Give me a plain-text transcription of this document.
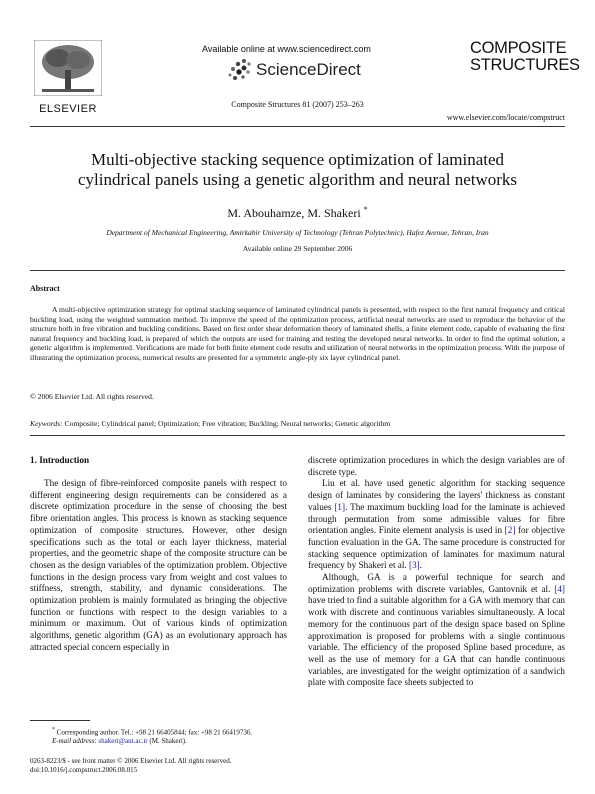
ELSEVIER
Available online at www.sciencedirect.com
ScienceDirect
Composite Structures 81 (2007) 253–263
COMPOSITE
STRUCTURES
www.elsevier.com/locate/compstruct
Multi-objective stacking sequence optimization of laminated
cylindrical panels using a genetic algorithm and neural networks
M. Abouhamze, M. Shakeri *
Department of Mechanical Engineering, Amirkabir University of Technology (Tehran Polytechnic), Hafez Avenue, Tehran, Iran
Available online 29 September 2006
Abstract
A multi-objective optimization strategy for optimal stacking sequence of laminated cylindrical panels is presented, with respect to the first natural frequency and critical buckling load, using the weighted summation method. To improve the speed of the optimization process, artificial neural networks are used to reproduce the behavior of the structure both in free vibration and buckling conditions. Based on first order shear deformation theory of laminated shells, a finite element code, capable of evaluating the first natural frequency and buckling load, is prepared of which the outputs are used for training and testing the developed neural networks. In order to find the optimal solution, a genetic algorithm is implemented. Verifications are made for both finite element code results and utilization of neural networks in the optimization process. With the purpose of illustrating the optimization process, numerical results are presented for a symmetric angle-ply six layer cylindrical panel.
© 2006 Elsevier Ltd. All rights reserved.
Keywords: Composite; Cylindrical panel; Optimization; Free vibration; Buckling; Neural networks; Genetic algorithm
1. Introduction

The design of fibre-reinforced composite panels with respect to different engineering design requirements can be considered as a discrete optimization procedure in the sense of choosing the best fibre orientation angles. This process is known as stacking sequence optimization of composite structures. However, other design specifications such as the total or each layer thickness, material properties, and the geometric shape of the composite structure can be chosen as the design variables of the optimization problem. Objective functions in the design process vary from weight and cost values to stiffness, strength, stability, and dynamic considerations. The optimization problem is mainly formulated as bringing the objective function or functions with respect to the design variables to a minimum or maximum. Out of various kinds of optimization algorithms, genetic algorithm (GA) as an evolutionary approach has attracted special concern especially in

discrete optimization procedures in which the design variables are of discrete type.

Liu et al. have used genetic algorithm for stacking sequence design of laminates by considering the layers' thickness as constant values [1]. The maximum buckling load for the laminate is achieved through permutation from some admissible values for fibre orientation angles. Finite element analysis is used in [2] for objective function evaluation in the GA. The same procedure is constructed for stacking sequence optimization of laminates for maximum natural frequency by Shakeri et al. [3].

Although, GA is a powerful technique for search and optimization problems with discrete variables, Gantovnik et al. [4] have tried to find a suitable algorithm for a GA with memory that can work with discrete and continuous variables simultaneously. A local memory for the continuous part of the design space based on Spline approximation is proposed for problems with a single continuous variable. The efficiency of the proposed Spline based procedure, as well as the use of memory for a GA that can handle continuous variables, are investigated for the weight optimization of a sandwich plate with composite face sheets subjected to

* Corresponding author. Tel.: +98 21 66405844; fax: +98 21 66419736.
E-mail address: shakeri@aut.ac.ir (M. Shakeri).
0263-8223/$ - see front matter © 2006 Elsevier Ltd. All rights reserved.
doi:10.1016/j.compstruct.2006.08.015
